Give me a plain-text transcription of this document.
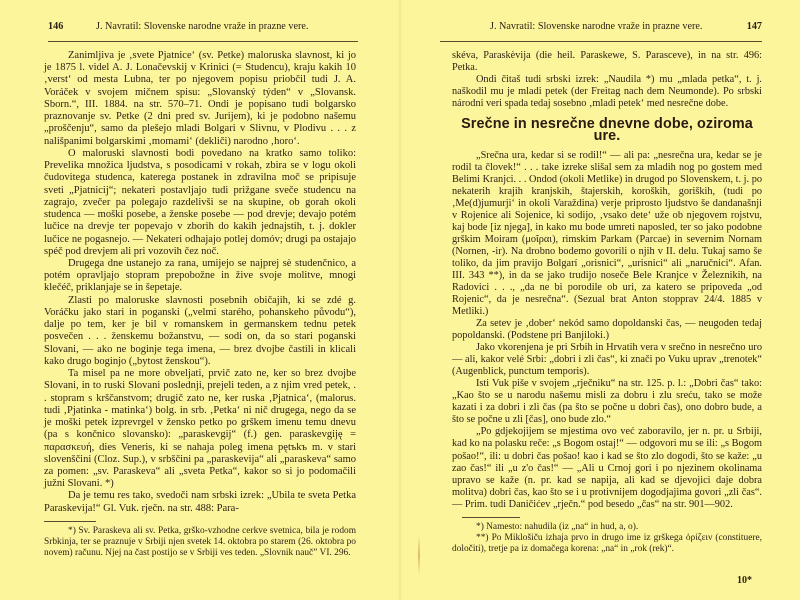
146	J. Navratil: Slovenske narodne vraže in prazne vere.

Zanimljiva je ‚svete Pjatnice‘ (sv. Petke) maloruska slavnost, ki jo je 1875 l. videl A. J. Lonačevskij v Krinici (= Studencu), kraju kakih 10 ‚verst‘ od mesta Lubna, ter po njegovem popisu priobčil tudi J. A. Voráček v svojem mičnem spisu: „Slovanský týden“ v „Slovansk. Sborn.“, III. 1884. na str. 570–71. Ondi je popisano tudi bolgarsko praznovanje sv. Petke (2 dni pred sv. Jurijem), ki je podobno našemu „proščenju“, samo da plešejo mladi Bolgari v Slivnu, v Plodivu . . . z nališpanimi bolgarskimi ‚momami‘ (dekliči) narodno ‚horo‘.

O maloruski slavnosti bodi povedano na kratko samo toliko: Prevelika množica ljudstva, s posodicami v rokah, zbira se v logu okoli čudovitega studenca, katerega postanek in zdravilna moč se pripisuje sveti „Pjatnicij“; nekateri postavljajo tudi prižgane sveče studencu na zagrajo, zvečer pa polegajo razdelivši se na skupine, ob gorah okoli studenca — moški posebe, a ženske posebe — pod drevje; devajo potém lučice na drevje ter popevajo v zborih do kakih jednajstih, t. j. dokler lučice ne pogasnejo. — Nekateri odhajajo potlej domóv; drugi pa ostajajo spéč pod drevjem ali pri vozovih čez noč.

Drugega dne ustanejo za rana, umijejo se najprej sè studenčnico, a potém opravljajo stopram prepobožne in žive svoje molitve, mnogi klečéč, priklanjaje se in šepetaje.

Zlasti po maloruske slavnosti posebnih običajih, ki se zdé g. Voráčku jako stari in poganski („velmi starého, pohanskeho původu“), dalje po tem, ker je bil v romanskem in germanskem tednu petek posvečen . . . ženskemu božanstvu, — sodi on, da so stari poganski Slovani, — ako ne boginje tega imena, — brez dvojbe častili in klicali kako drugo boginjo („bytost ženskou“).

Ta misel pa ne more obveljati, prvič zato ne, ker so brez dvojbe Slovani, in to ruski Slovani poslednji, prejeli teden, a z njim vred petek, . . stopram s krščanstvom; drugič zato ne, ker ruska ‚Pjatnica‘, (malorus. tudi ‚Pjatinka - matinka‘) bolg. in srb. ‚Petka‘ ni nič drugega, nego da se je moški petek izprevrgel v žensko petko po grškem imenu temu dnevu (pa s končnico slovansko): „paraskevgij“ (f.) gen. paraskevgiję = παρασκευή, dies Veneris, ki se nahaja poleg imena pętъkъ m. v stari slovenščini (Cloz. Sup.), v srbščini pa „paraskevija“ ali „paraskeva“ samo za pomen: „sv. Paraskeva“ ali „sveta Petka“, kakor so si jo podomačili južni Slovani. *)

Da je temu res tako, svedoči nam srbski izrek: „Ubila te sveta Petka Paraskevija!“ Gl. Vuk. rječn. na str. 488: Para-

*) Sv. Paraskeva ali sv. Petka, grško-vzhodne cerkve svetnica, bila je rodom Srbkinja, ter se praznuje v Srbiji njen svetek 14. oktobra po starem (26. oktobra po novem) računu. Njej na čast postijo se v Srbiji ves teden. „Slovnik naučˮ VI. 296.

J. Navratil: Slovenske narodne vraže in prazne vere.	147

skéva, Paraskèvija (die heil. Paraskewe, S. Parasceve), in na str. 496: Petka.

Ondi čitaš tudi srbski izrek: „Naudila *) mu „mlada petka“, t. j. naškodil mu je mladi petek (der Freitag nach dem Neumonde). Po srbski národni veri spada tedaj sosebno ‚mladi petek‘ med nesrečne dobe.

Srečne in nesrečne dnevne dobe, oziroma ure.

„Srečna ura, kedar si se rodil!“ — ali pa: „nesrečna ura, kedar se je rodil ta človek!“ . . . take izreke slišal sem za mladih nog po gostem med Belimi Kranjci. . . Ondod (okoli Metlike) in drugod po Slovenskem, t. j. po nekaterih krajih kranjskih, štajerskih, koroških, goriških, (tudi po ‚Me(d)jumurji‘ in okoli Varaždina) verje priprosto ljudstvo še dandanašnji v Rojenice ali Sojenice, ki sodijo, ‚vsako dete‘ uže ob njegovem rojstvu, kaj bode [iz njega], in kako mu bode umreti naposled, ter so jako podobne grškim Moiram (μοῖραι), rimskim Parkam (Parcae) in severnim Nornam (Nornen, -ir). Na drobno bodemo govorili o njih v II. delu. Tukaj samo še toliko, da jim pravijo Bolgarí „orisnici“, „urisnici“ ali „naručnici“. Afan. III. 343 **), in da se jako trudijo noseče Bele Kranjce v Železnikih, na Radovici . . ., „da ne bi porodile ob uri, za katero se pripoveda „od Rojenic“, da je nesrečna“. (Sezual brat Anton stopprav 24/4. 1885 v Metliki.)

Za setev je ‚dober‘ nekód samo dopoldanski čas, — neugoden tedaj popoldanski. (Podstene pri Banjiloki.)

Jako vkorenjena je pri Srbih in Hrvatih vera v srečno in nesrečno uro — ali, kakor velé Srbi: „dobri i zli čas“, ki znači po Vuku uprav „trenotek“ (Augenblick, punctum temporis).

Isti Vuk piše v svojem „rječniku“ na str. 125. p. l.: „Dobri čas“ tako: „Kao što se u narodu našemu misli za dobru i zlu sreću, tako se može kazati i za dobri i zli čas (pa što se počne u dobri čas), ono dobro bude, a što se počne u zli [čas], ono bude zlo.“

„Po gdjekojijem se mjestima ovo već zaboravilo, jer n. pr. u Srbiji, kad ko na polasku reče: „s Bogom ostaj!“ — odgovori mu se ili: „s Bogom pošao!“, ili: u dobri čas pošao! kao i kad se što zlo dogodi, što se kaže: „u zao čas!“ ili „u z'o čas!“ — „Ali u Crnoj gori i po njezinem okolinama upravo se kaže (n. pr. kad se napija, ali kad se djevojici daje dobra molitva) dobri čas, kao što se i u protivnijem dogodjajima govori „zli čas“. — Prim. tudi Daničićev „rječn.“ pod besedo „čas“ na str. 901—902.

*) Namesto: nahudila (iz „na“ in hud, a, o).

**) Po Miklošiču izhaja prvo in drugo ime iz grškega ὁρίζειν (constituere, določiti), tretje pa iz domačega korena: „na“ in „rok (rek)“.

10*
